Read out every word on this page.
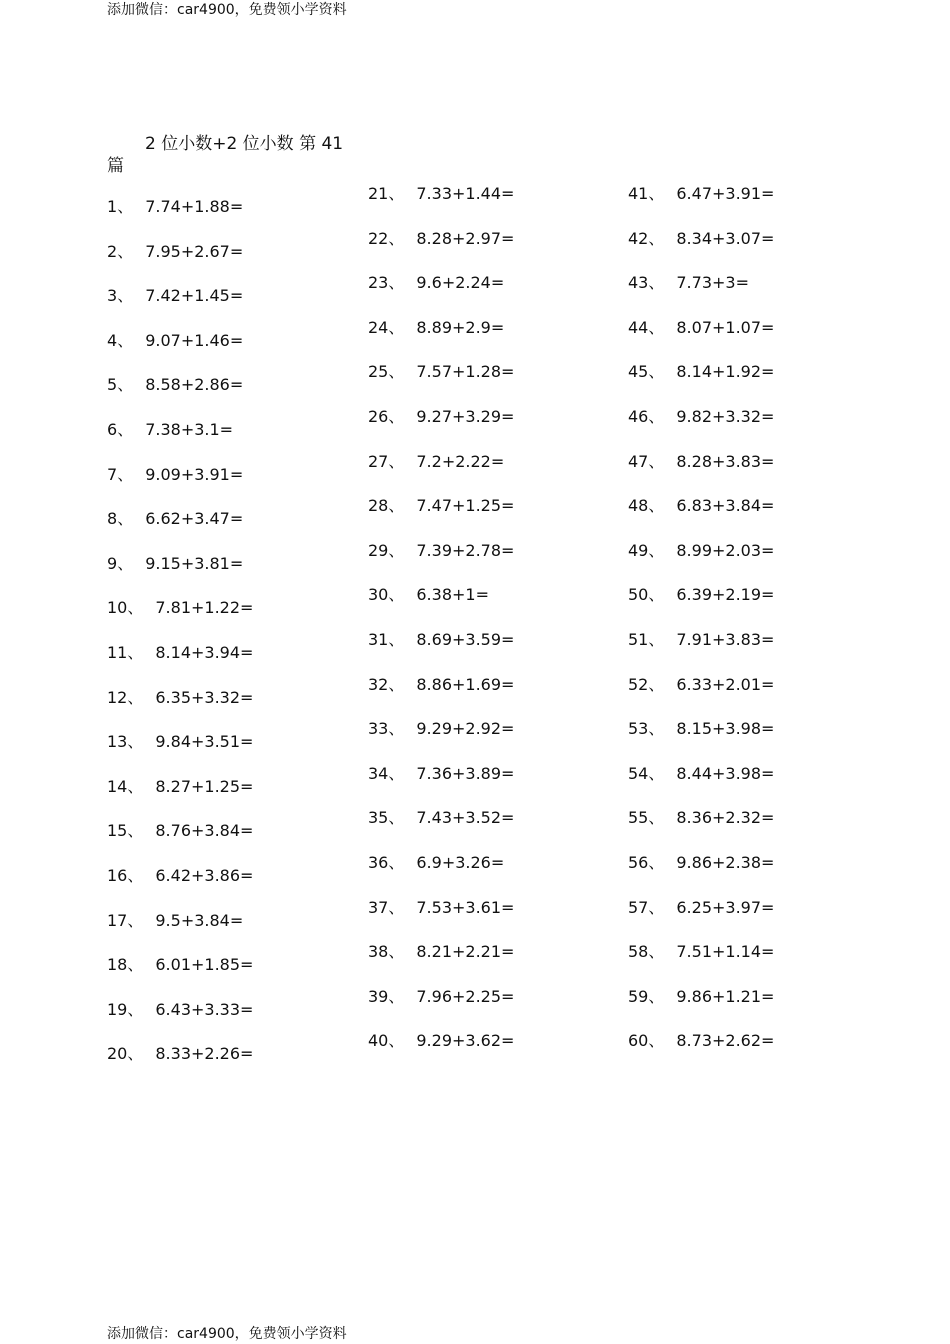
添加微信：car4900，免费领小学资料
2 位小数+2 位小数 第 41
篇
1、 7.74+1.88=
2、 7.95+2.67=
3、 7.42+1.45=
4、 9.07+1.46=
5、 8.58+2.86=
6、 7.38+3.1=
7、 9.09+3.91=
8、 6.62+3.47=
9、 9.15+3.81=
10、 7.81+1.22=
11、 8.14+3.94=
12、 6.35+3.32=
13、 9.84+3.51=
14、 8.27+1.25=
15、 8.76+3.84=
16、 6.42+3.86=
17、 9.5+3.84=
18、 6.01+1.85=
19、 6.43+3.33=
20、 8.33+2.26=
21、 7.33+1.44=
22、 8.28+2.97=
23、 9.6+2.24=
24、 8.89+2.9=
25、 7.57+1.28=
26、 9.27+3.29=
27、 7.2+2.22=
28、 7.47+1.25=
29、 7.39+2.78=
30、 6.38+1=
31、 8.69+3.59=
32、 8.86+1.69=
33、 9.29+2.92=
34、 7.36+3.89=
35、 7.43+3.52=
36、 6.9+3.26=
37、 7.53+3.61=
38、 8.21+2.21=
39、 7.96+2.25=
40、 9.29+3.62=
41、 6.47+3.91=
42、 8.34+3.07=
43、 7.73+3=
44、 8.07+1.07=
45、 8.14+1.92=
46、 9.82+3.32=
47、 8.28+3.83=
48、 6.83+3.84=
49、 8.99+2.03=
50、 6.39+2.19=
51、 7.91+3.83=
52、 6.33+2.01=
53、 8.15+3.98=
54、 8.44+3.98=
55、 8.36+2.32=
56、 9.86+2.38=
57、 6.25+3.97=
58、 7.51+1.14=
59、 9.86+1.21=
60、 8.73+2.62=
添加微信：car4900，免费领小学资料
